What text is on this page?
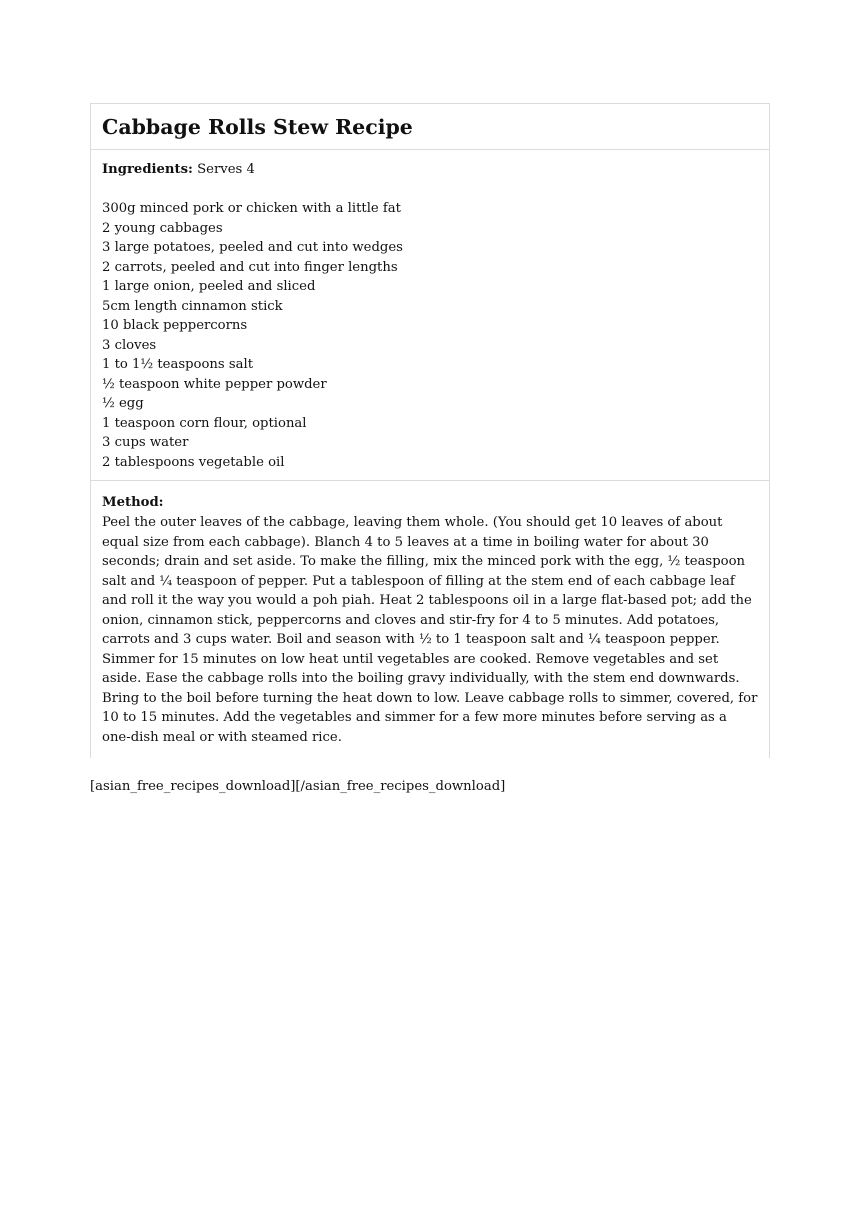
Cabbage Rolls Stew Recipe

Ingredients: Serves 4

300g minced pork or chicken with a little fat
2 young cabbages
3 large potatoes, peeled and cut into wedges
2 carrots, peeled and cut into finger lengths
1 large onion, peeled and sliced
5cm length cinnamon stick
10 black peppercorns
3 cloves
1 to 1½ teaspoons salt
½ teaspoon white pepper powder
½ egg
1 teaspoon corn flour, optional
3 cups water
2 tablespoons vegetable oil

Method:

Peel the outer leaves of the cabbage, leaving them whole. (You should get 10 leaves of about equal size from each cabbage). Blanch 4 to 5 leaves at a time in boiling water for about 30 seconds; drain and set aside. To make the filling, mix the minced pork with the egg, ½ teaspoon salt and ¼ teaspoon of pepper. Put a tablespoon of filling at the stem end of each cabbage leaf and roll it the way you would a poh piah. Heat 2 tablespoons oil in a large flat-based pot; add the onion, cinnamon stick, peppercorns and cloves and stir-fry for 4 to 5 minutes. Add potatoes, carrots and 3 cups water. Boil and season with ½ to 1 teaspoon salt and ¼ teaspoon pepper. Simmer for 15 minutes on low heat until vegetables are cooked. Remove vegetables and set aside. Ease the cabbage rolls into the boiling gravy individually, with the stem end downwards. Bring to the boil before turning the heat down to low. Leave cabbage rolls to simmer, covered, for 10 to 15 minutes. Add the vegetables and simmer for a few more minutes before serving as a one-dish meal or with steamed rice.

[asian_free_recipes_download][/asian_free_recipes_download]
